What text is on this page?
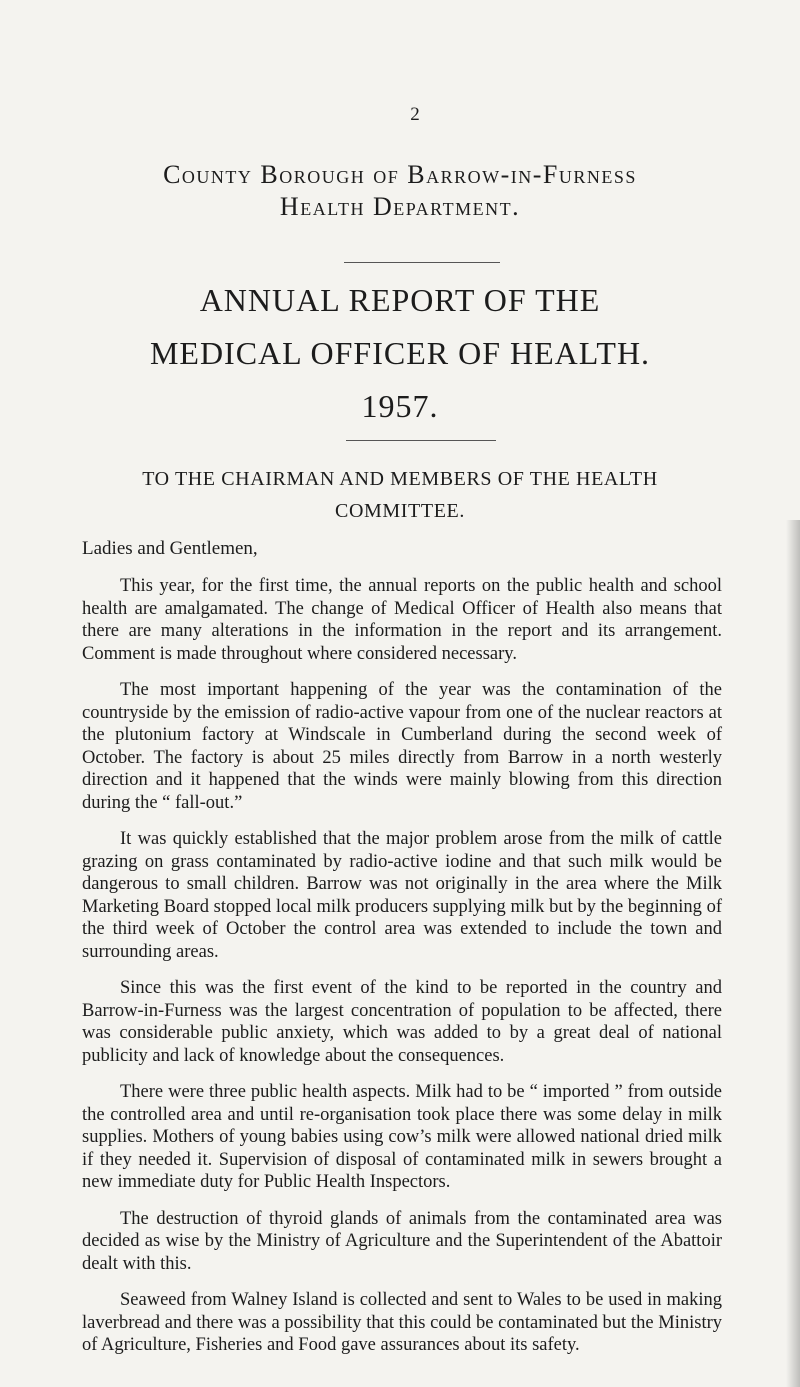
2
County Borough of Barrow-in-Furness
Health Department.
ANNUAL REPORT OF THE
MEDICAL OFFICER OF HEALTH.
1957.
TO THE CHAIRMAN AND MEMBERS OF THE HEALTH
COMMITTEE.
Ladies and Gentlemen,

This year, for the first time, the annual reports on the public health and school health are amalgamated. The change of Medical Officer of Health also means that there are many alterations in the information in the report and its arrangement. Comment is made throughout where considered necessary.

The most important happening of the year was the contamination of the countryside by the emission of radio-active vapour from one of the nuclear reactors at the plutonium factory at Windscale in Cumberland during the second week of October. The factory is about 25 miles directly from Barrow in a north westerly direction and it happened that the winds were mainly blowing from this direction during the “ fall-out.”

It was quickly established that the major problem arose from the milk of cattle grazing on grass contaminated by radio-active iodine and that such milk would be dangerous to small children. Barrow was not originally in the area where the Milk Marketing Board stopped local milk producers supplying milk but by the beginning of the third week of October the control area was extended to include the town and surrounding areas.

Since this was the first event of the kind to be reported in the country and Barrow-in-Furness was the largest concentration of population to be affected, there was considerable public anxiety, which was added to by a great deal of national publicity and lack of knowledge about the consequences.

There were three public health aspects. Milk had to be “ imported ” from outside the controlled area and until re-organisation took place there was some delay in milk supplies. Mothers of young babies using cow’s milk were allowed national dried milk if they needed it. Supervision of disposal of contaminated milk in sewers brought a new immediate duty for Public Health Inspectors.

The destruction of thyroid glands of animals from the contaminated area was decided as wise by the Ministry of Agriculture and the Superintendent of the Abattoir dealt with this.

Seaweed from Walney Island is collected and sent to Wales to be used in making laverbread and there was a possibility that this could be contaminated but the Ministry of Agriculture, Fisheries and Food gave assurances about its safety.
